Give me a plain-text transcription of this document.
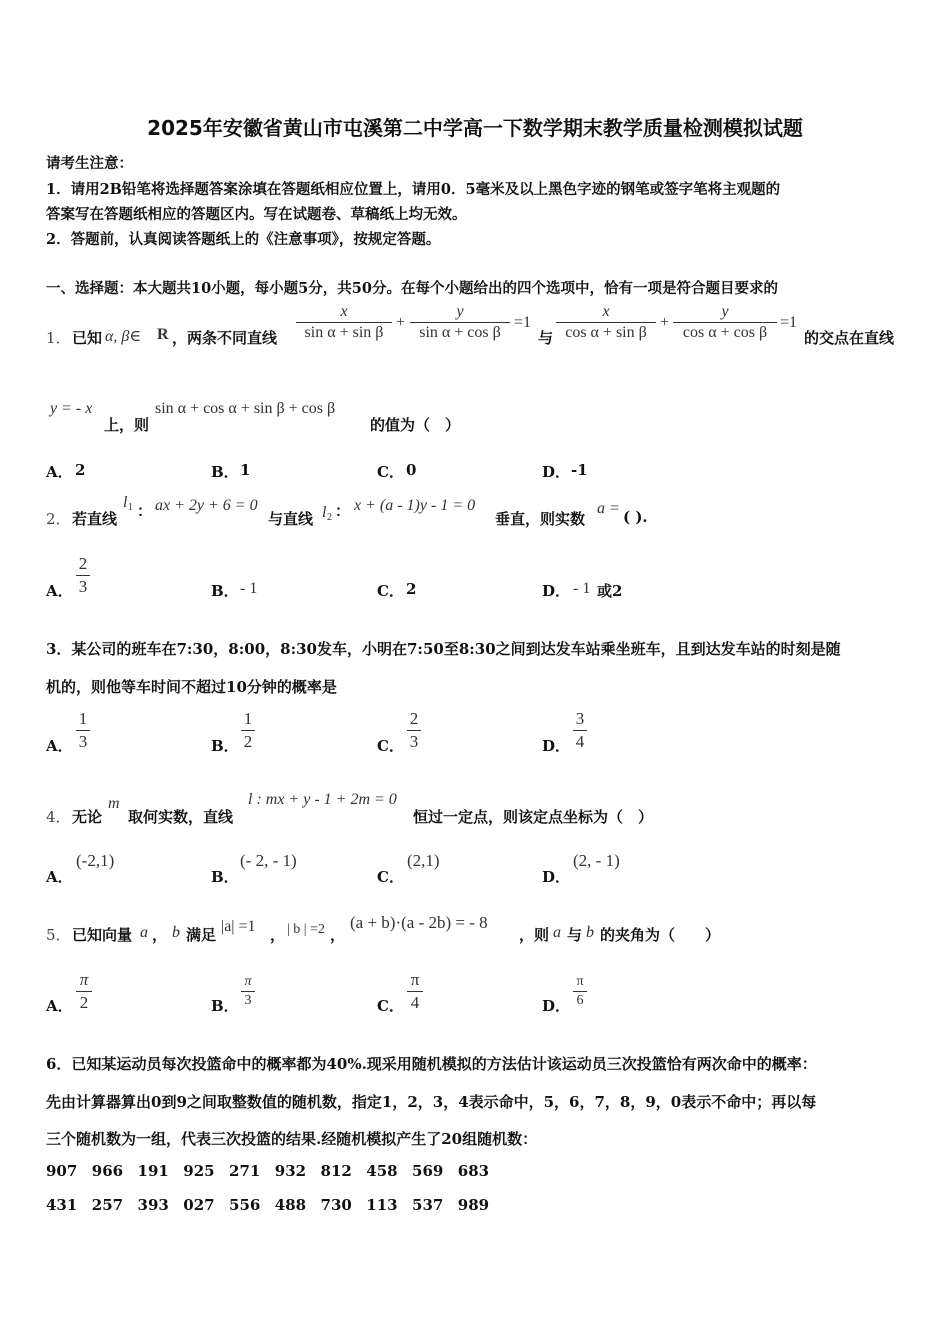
2025年安徽省黄山市屯溪第二中学高一下数学期末教学质量检测模拟试题
请考生注意：
1．请用2B铅笔将选择题答案涂填在答题纸相应位置上，请用0．5毫米及以上黑色字迹的钢笔或签字笔将主观题的
答案写在答题纸相应的答题区内。写在试题卷、草稿纸上均无效。
2．答题前，认真阅读答题纸上的《注意事项》，按规定答题。
一、选择题：本大题共10小题，每小题5分，共50分。在每个小题给出的四个选项中，恰有一项是符合题目要求的
1． 已知 α, β∈ R ，两条不同直线
x
sin α + sin β
+
y
sin α + cos β
=1
与
x
cos α + sin β
+
y
cos α + cos β
=1
的交点在直线
y = - x
上，则
sin α + cos α + sin β + cos β
的值为（　）
A． 2	B． 1	C． 0	D． -1
2． 若直线
l 1 ： ax + 2y + 6 = 0
与直线 l 2 ： x + (a - 1)y - 1 = 0
垂直，则实数
a = ( ).
A．
2
3	B． - 1	C． 2	D． - 1 或2
3．某公司的班车在7:30，8:00，8:30发车，小明在7:50至8:30之间到达发车站乘坐班车，且到达发车站的时刻是随
机的，则他等车时间不超过10分钟的概率是
A．
1
3	B．
1
2	C．
2
3	D．
3
4
4． 无论
m
取何实数，直线
l : mx + y - 1 + 2m = 0
恒过一定点，则该定点坐标为（　）
A．
(-2,1)
B．
(- 2, - 1)
C．
(2,1)
D．
(2, - 1)
5． 已知向量 a ， b 满足 |a| =1 ， | b | =2 ，
(a + b)·(a - 2b) = - 8
，则 a 与 b 的夹角为（　　）
A．
π
2	B．
π
3	C．
π
4	D．
π
6
6．已知某运动员每次投篮命中的概率都为40%.现采用随机模拟的方法估计该运动员三次投篮恰有两次命中的概率：
先由计算器算出0到9之间取整数值的随机数，指定1，2，3，4表示命中，5，6，7，8，9，0表示不命中；再以每
三个随机数为一组，代表三次投篮的结果.经随机模拟产生了20组随机数：
907  966  191  925  271  932  812  458  569  683
431  257  393  027  556  488  730  113  537  989
